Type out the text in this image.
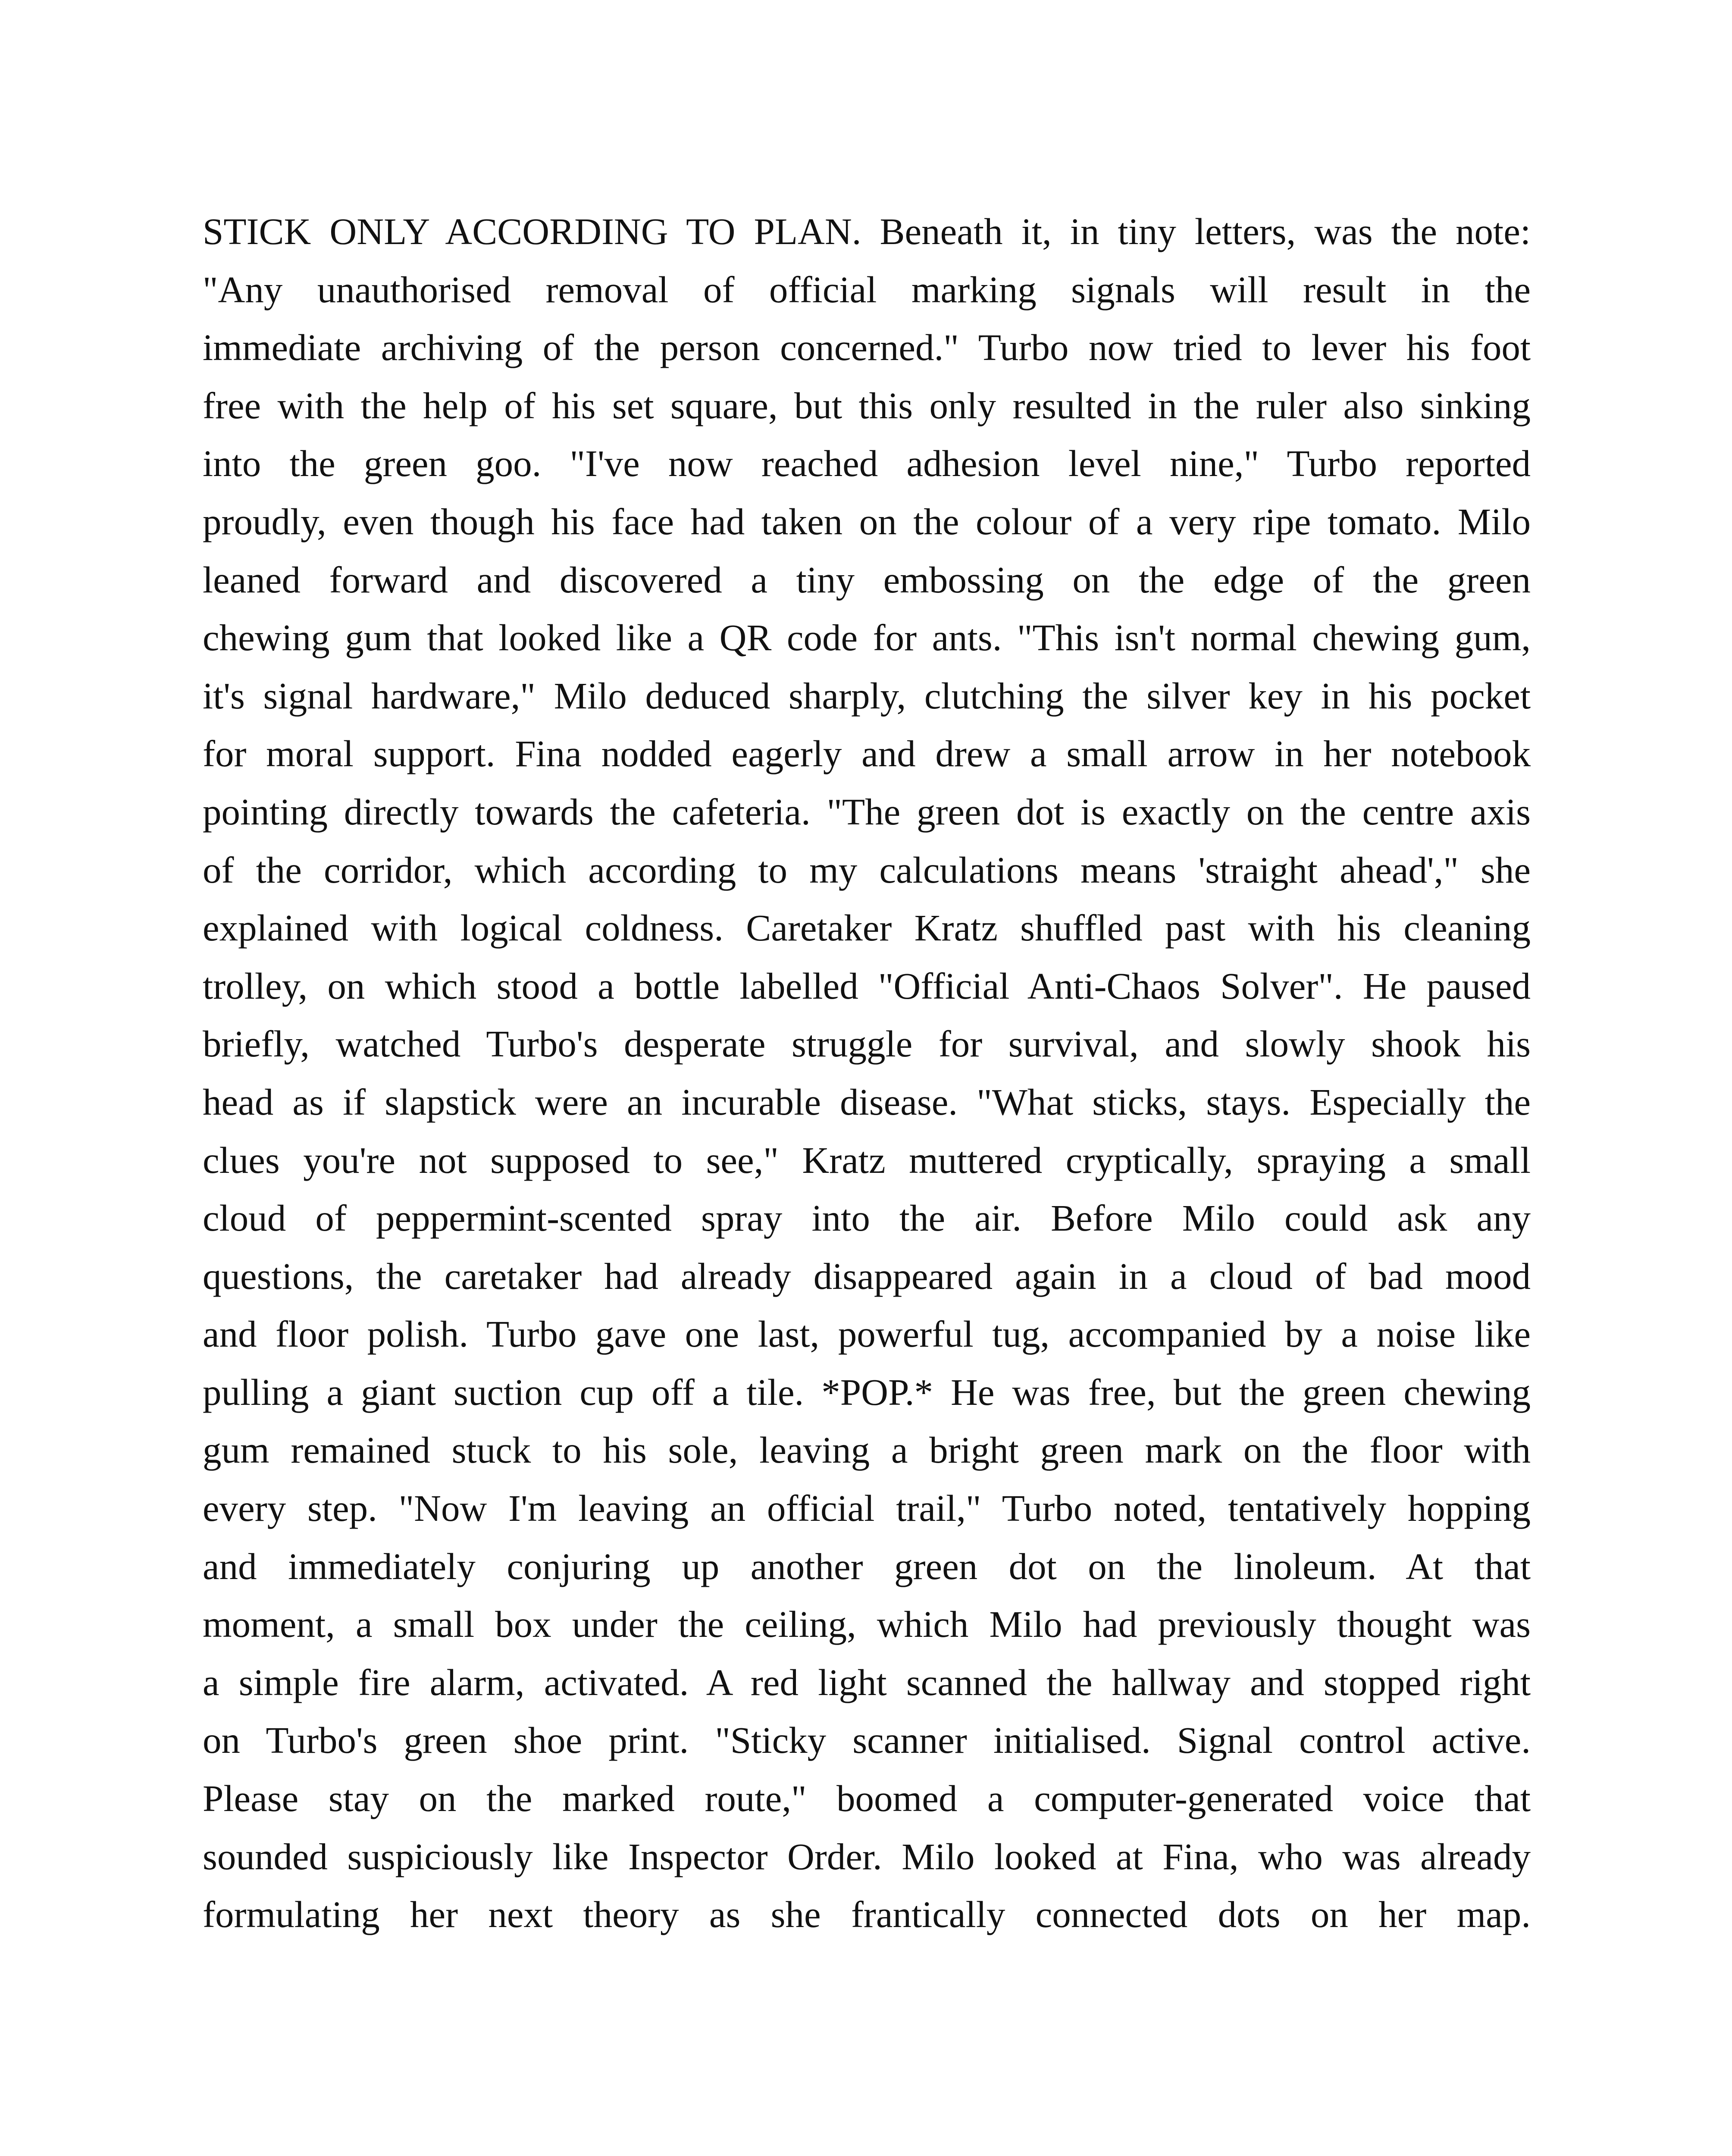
STICK ONLY ACCORDING TO PLAN. Beneath it, in tiny letters, was the note:
"Any unauthorised removal of official marking signals will result in the
immediate archiving of the person concerned." Turbo now tried to lever his foot
free with the help of his set square, but this only resulted in the ruler also sinking
into the green goo. "I've now reached adhesion level nine," Turbo reported
proudly, even though his face had taken on the colour of a very ripe tomato. Milo
leaned forward and discovered a tiny embossing on the edge of the green
chewing gum that looked like a QR code for ants. "This isn't normal chewing gum,
it's signal hardware," Milo deduced sharply, clutching the silver key in his pocket
for moral support. Fina nodded eagerly and drew a small arrow in her notebook
pointing directly towards the cafeteria. "The green dot is exactly on the centre axis
of the corridor, which according to my calculations means 'straight ahead'," she
explained with logical coldness. Caretaker Kratz shuffled past with his cleaning
trolley, on which stood a bottle labelled "Official Anti-Chaos Solver". He paused
briefly, watched Turbo's desperate struggle for survival, and slowly shook his
head as if slapstick were an incurable disease. "What sticks, stays. Especially the
clues you're not supposed to see," Kratz muttered cryptically, spraying a small
cloud of peppermint-scented spray into the air. Before Milo could ask any
questions, the caretaker had already disappeared again in a cloud of bad mood
and floor polish. Turbo gave one last, powerful tug, accompanied by a noise like
pulling a giant suction cup off a tile. *POP.* He was free, but the green chewing
gum remained stuck to his sole, leaving a bright green mark on the floor with
every step. "Now I'm leaving an official trail," Turbo noted, tentatively hopping
and immediately conjuring up another green dot on the linoleum. At that
moment, a small box under the ceiling, which Milo had previously thought was
a simple fire alarm, activated. A red light scanned the hallway and stopped right
on Turbo's green shoe print. "Sticky scanner initialised. Signal control active.
Please stay on the marked route," boomed a computer-generated voice that
sounded suspiciously like Inspector Order. Milo looked at Fina, who was already
formulating her next theory as she frantically connected dots on her map.
